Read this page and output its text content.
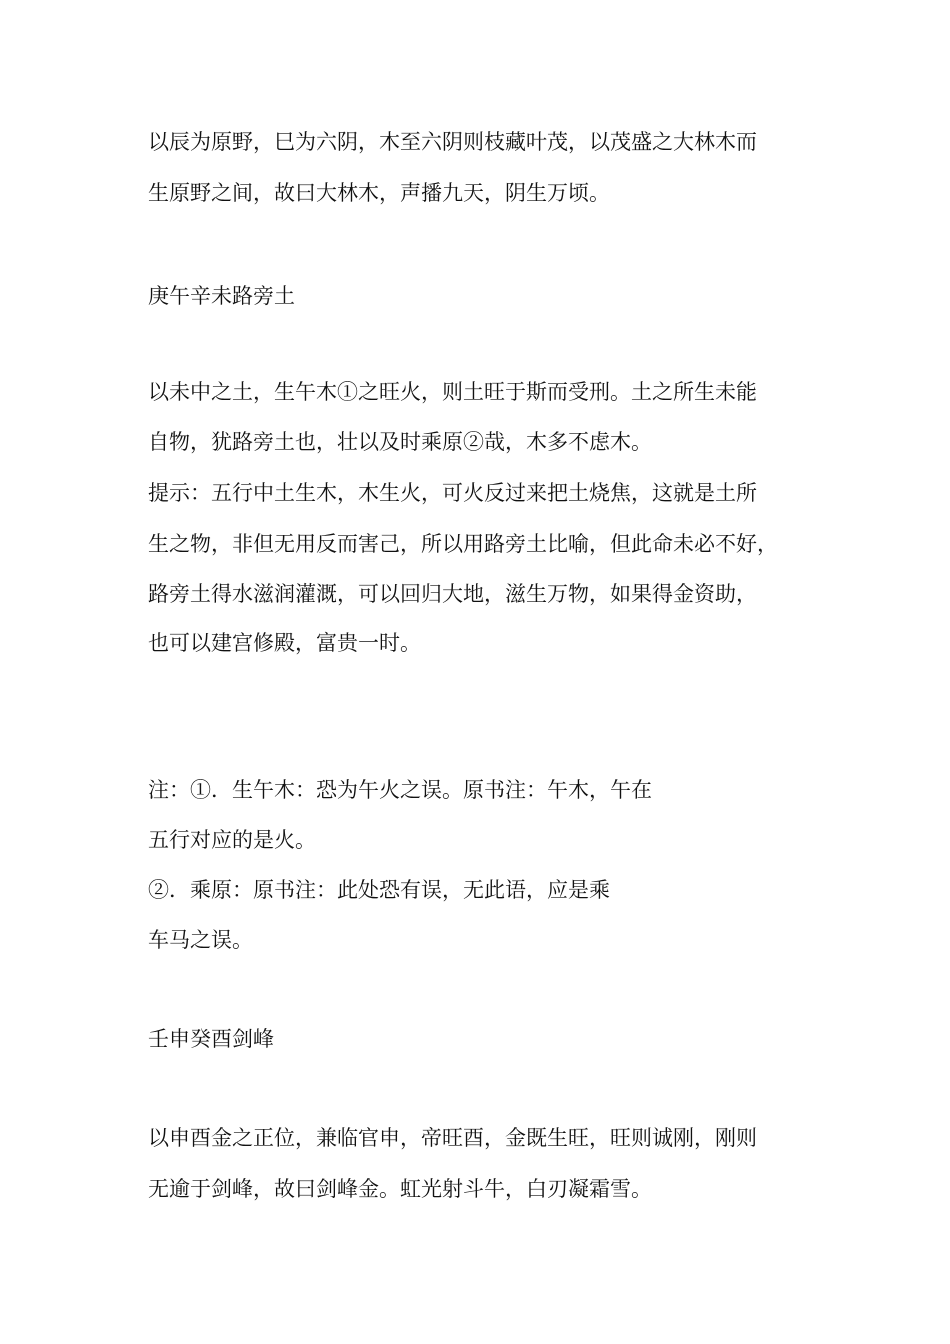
以辰为原野，巳为六阴，木至六阴则枝藏叶茂，以茂盛之大林木而

生原野之间，故曰大林木，声播九天，阴生万顷。

庚午辛未路旁土

以未中之土，生午木①之旺火，则土旺于斯而受刑。土之所生未能

自物，犹路旁土也，壮以及时乘原②哉，木多不虑木。

提示：五行中土生木，木生火，可火反过来把土烧焦，这就是土所

生之物，非但无用反而害己，所以用路旁土比喻，但此命未必不好，

路旁土得水滋润灌溉，可以回归大地，滋生万物，如果得金资助，

也可以建宫修殿，富贵一时。

注：①．生午木：恐为午火之误。原书注：午木，午在

五行对应的是火。

②．乘原：原书注：此处恐有误，无此语，应是乘

车马之误。

壬申癸酉剑峰

以申酉金之正位，兼临官申，帝旺酉，金既生旺，旺则诚刚，刚则

无逾于剑峰，故曰剑峰金。虹光射斗牛，白刃凝霜雪。
